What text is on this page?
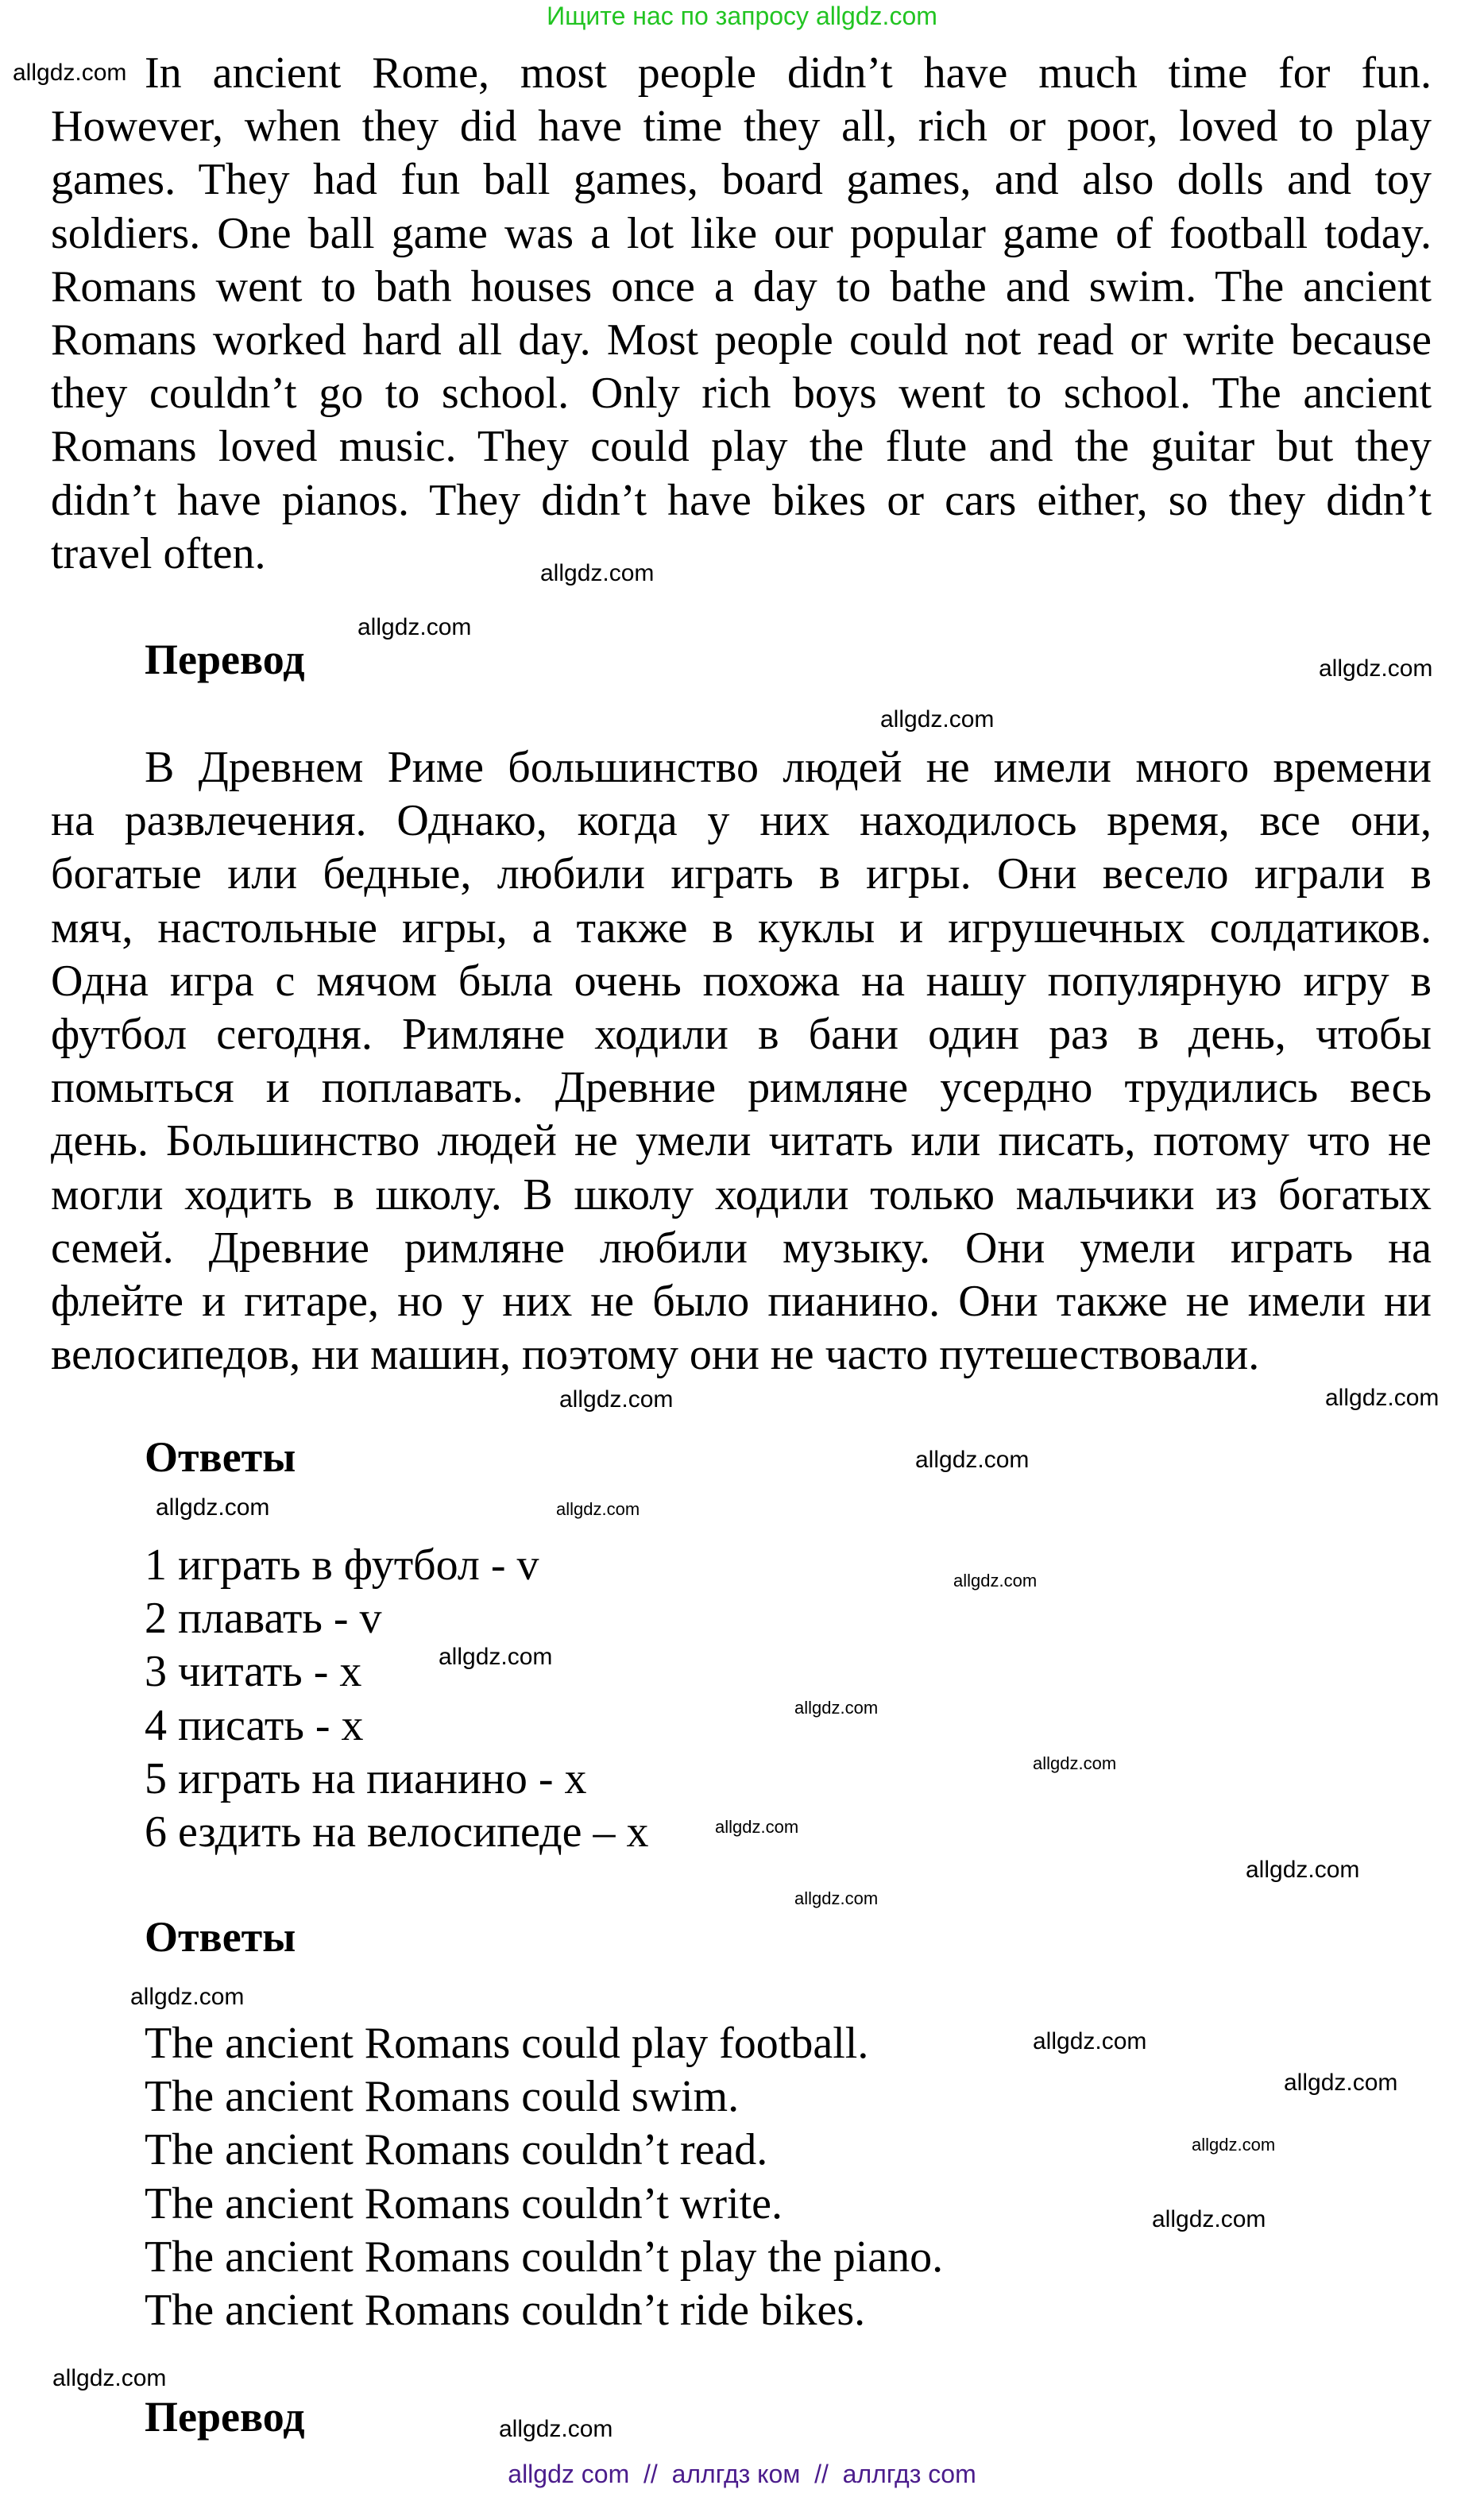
Ищите нас по запросу allgdz.com
In ancient Rome, most people didn’t have much time for fun.
However, when they did have time they all, rich or poor, loved to play
games. They had fun ball games, board games, and also dolls and toy
soldiers. One ball game was a lot like our popular game of football today.
Romans went to bath houses once a day to bathe and swim. The ancient
Romans worked hard all day. Most people could not read or write because
they couldn’t go to school. Only rich boys went to school. The ancient
Romans loved music. They could play the flute and the guitar but they
didn’t have pianos. They didn’t have bikes or cars either, so they didn’t
travel often.
Перевод
В Древнем Риме большинство людей не имели много времени
на развлечения. Однако, когда у них находилось время, все они,
богатые или бедные, любили играть в игры. Они весело играли в
мяч, настольные игры, а также в куклы и игрушечных солдатиков.
Одна игра с мячом была очень похожа на нашу популярную игру в
футбол сегодня. Римляне ходили в бани один раз в день, чтобы
помыться и поплавать. Древние римляне усердно трудились весь
день. Большинство людей не умели читать или писать, потому что не
могли ходить в школу. В школу ходили только мальчики из богатых
семей. Древние римляне любили музыку. Они умели играть на
флейте и гитаре, но у них не было пианино. Они также не имели ни
велосипедов, ни машин, поэтому они не часто путешествовали.
Ответы
1 играть в футбол - v
2 плавать - v
3 читать - x
4 писать - x
5 играть на пианино - x
6 ездить на велосипеде – x
Ответы
The ancient Romans could play football.
The ancient Romans could swim.
The ancient Romans couldn’t read.
The ancient Romans couldn’t write.
The ancient Romans couldn’t play the piano.
The ancient Romans couldn’t ride bikes.
Перевод
allgdz.com
allgdz.com
allgdz.com
allgdz.com
allgdz.com
allgdz.com
allgdz.com
allgdz.com
allgdz.com
allgdz.com
allgdz.com
allgdz.com
allgdz.com
allgdz.com
allgdz.com
allgdz.com
allgdz.com
allgdz.com
allgdz.com
allgdz.com
allgdz.com
allgdz.com
allgdz.com
allgdz.com
allgdz com  //  аллгдз ком  //  аллгдз com
